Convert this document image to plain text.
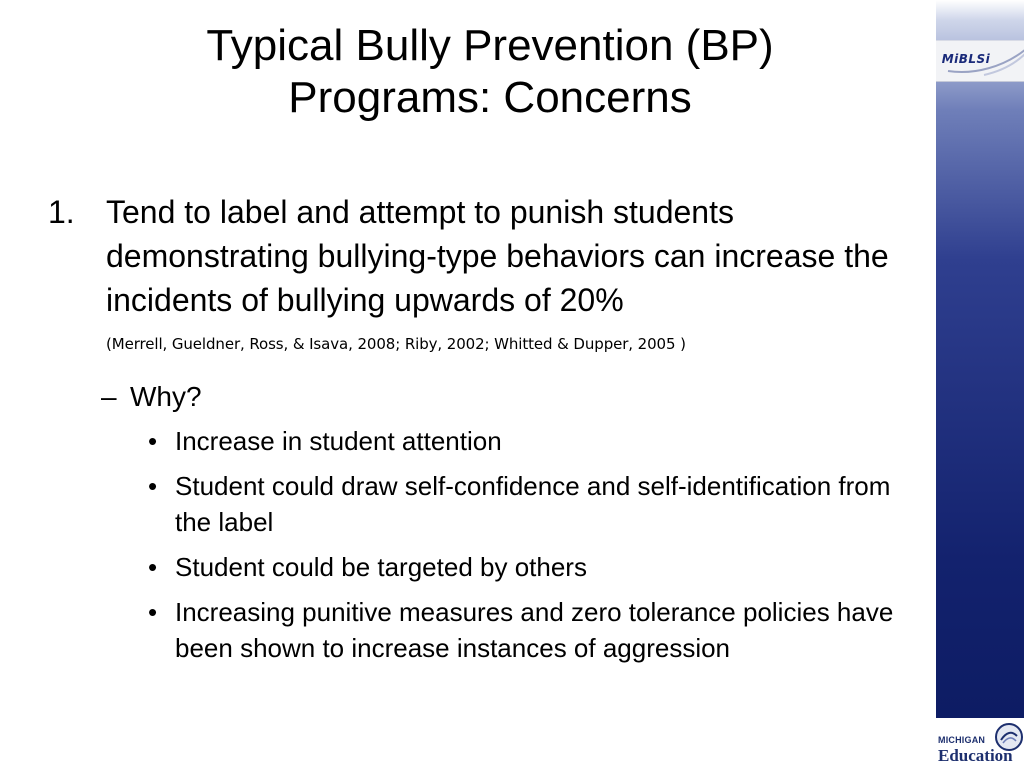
MiBLSi
Typical Bully Prevention (BP)
Programs: Concerns
1. Tend to label and attempt to punish students demonstrating bullying-type behaviors can increase the incidents of bullying upwards of 20% $^{(Merrell, Gueldner, Ross, \& Isava, 2008; Riby, 2002; Whitted \& Dupper, 2005 )}$
– Why?
• Increase in student attention
• Student could draw self-confidence and self-identification from the label
• Student could be targeted by others
• Increasing punitive measures and zero tolerance policies have been shown to increase instances of aggression
MICHIGAN
Education
